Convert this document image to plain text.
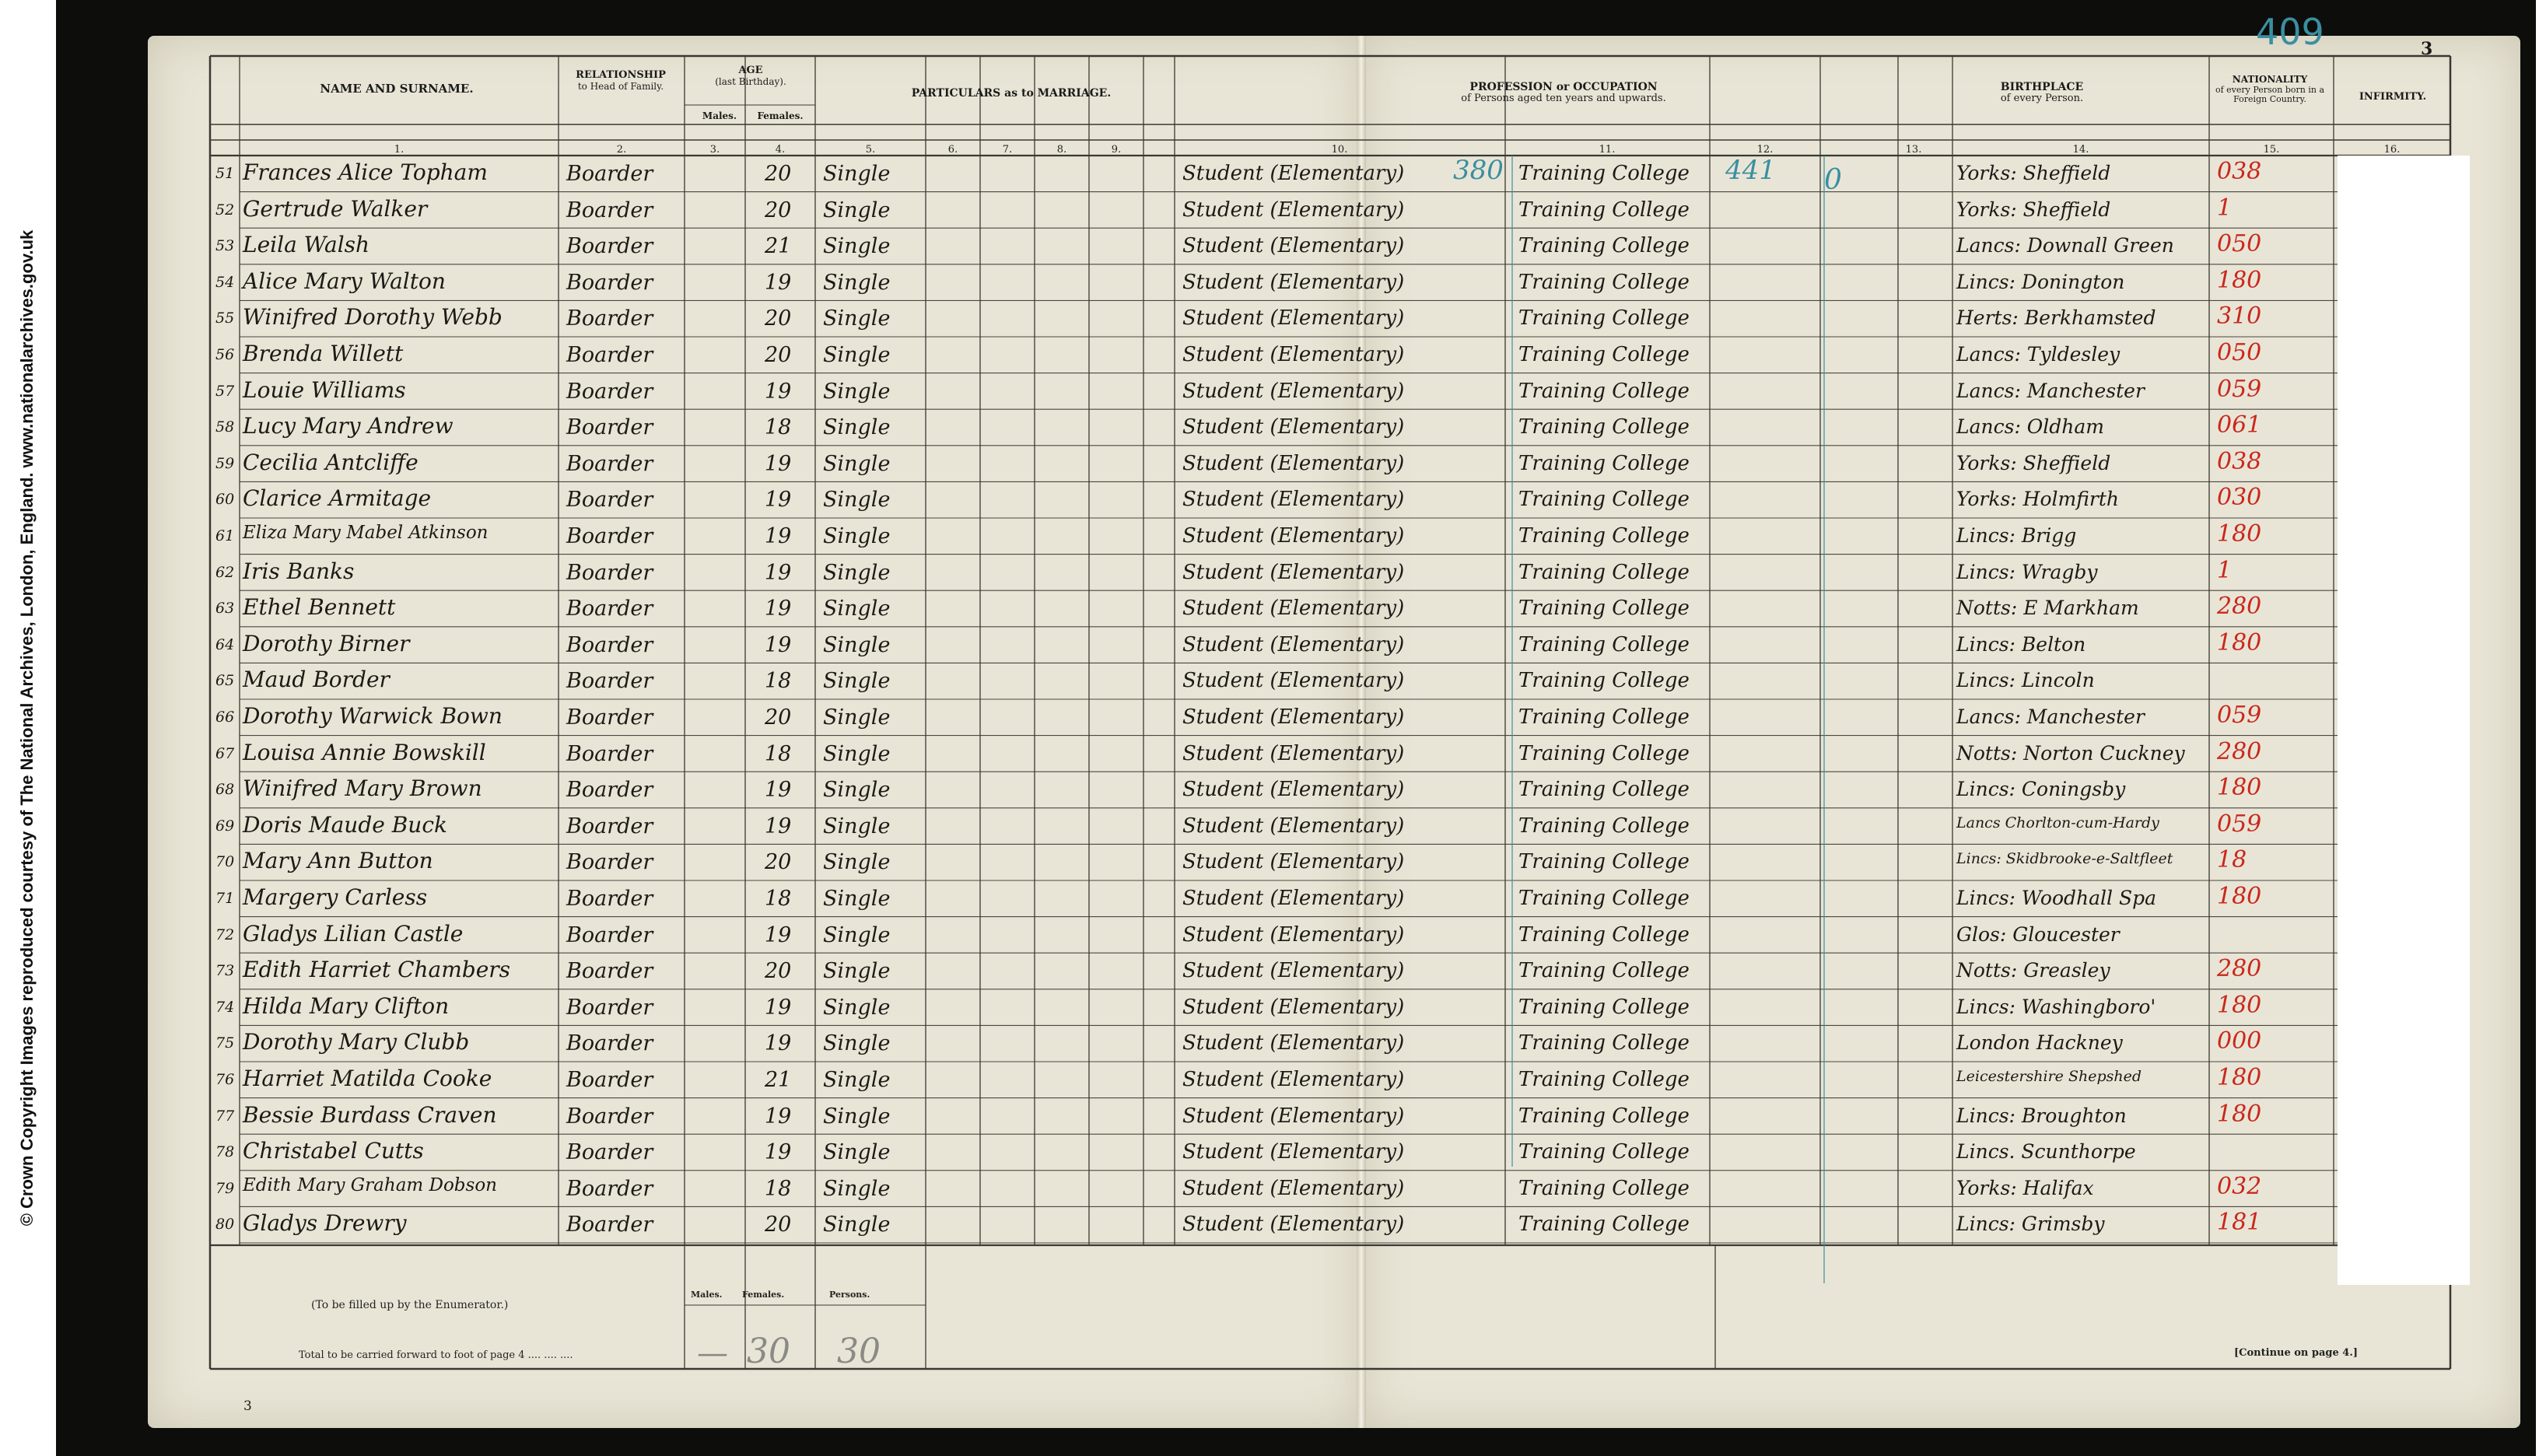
© Crown Copyright Images reproduced courtesy of The National Archives, London, England. www.nationalarchives.gov.uk
NAME AND SURNAME.
RELATIONSHIP
to Head of Family.
AGE
(last Birthday).
Males.	Females.
PARTICULARS as to MARRIAGE.	PROFESSION or OCCUPATION
of Persons aged ten years and upwards.
BIRTHPLACE
of every Person.
NATIONALITY
of every Person born in a Foreign Country.	INFIRMITY.
1.	2.	3.	4.	5.	6.	7.	8.	9.	10.	11.	12.	13.	14.	15.	16.
409	3
3
380	441 0
51 Frances Alice Topham	Boarder	20 Single	Student (Elementary)	Training College	Yorks: Sheffield	038
52 Gertrude Walker	Boarder	20 Single	Student (Elementary)	Training College	Yorks: Sheffield	1
53 Leila Walsh	Boarder	21 Single	Student (Elementary)	Training College	Lancs: Downall Green 050
54 Alice Mary Walton	Boarder	19 Single	Student (Elementary)	Training College	Lincs: Donington	180
55 Winifred Dorothy Webb	Boarder	20 Single	Student (Elementary)	Training College	Herts: Berkhamsted	310
56 Brenda Willett	Boarder	20 Single	Student (Elementary)	Training College	Lancs: Tyldesley	050
57 Louie Williams	Boarder	19 Single	Student (Elementary)	Training College	Lancs: Manchester	059
58 Lucy Mary Andrew	Boarder	18 Single	Student (Elementary)	Training College	Lancs: Oldham	061
59 Cecilia Antcliffe	Boarder	19 Single	Student (Elementary)	Training College	Yorks: Sheffield	038
60 Clarice Armitage	Boarder	19 Single	Student (Elementary)	Training College	Yorks: Holmfirth	030
61 Eliza Mary Mabel Atkinson	Boarder	19 Single	Student (Elementary)	Training College	Lincs: Brigg	180
62 Iris Banks	Boarder	19 Single	Student (Elementary)	Training College	Lincs: Wragby	1
63 Ethel Bennett	Boarder	19 Single	Student (Elementary)	Training College	Notts: E Markham	280
64 Dorothy Birner	Boarder	19 Single	Student (Elementary)	Training College	Lincs: Belton	180
65 Maud Border	Boarder	18 Single	Student (Elementary)	Training College	Lincs: Lincoln
66 Dorothy Warwick Bown	Boarder	20 Single	Student (Elementary)	Training College	Lancs: Manchester	059
67 Louisa Annie Bowskill	Boarder	18 Single	Student (Elementary)	Training College	Notts: Norton Cuckney 280
68 Winifred Mary Brown	Boarder	19 Single	Student (Elementary)	Training College	Lincs: Coningsby	180
69 Doris Maude Buck	Boarder	19 Single	Student (Elementary)	Training College	Lancs Chorlton-cum-Hardy 059
70 Mary Ann Button	Boarder	20 Single	Student (Elementary)	Training College	Lincs: Skidbrooke-e-Saltfleet 18
71 Margery Carless	Boarder	18 Single	Student (Elementary)	Training College	Lincs: Woodhall Spa	180
72 Gladys Lilian Castle	Boarder	19 Single	Student (Elementary)	Training College	Glos: Gloucester
73 Edith Harriet Chambers	Boarder	20 Single	Student (Elementary)	Training College	Notts: Greasley	280
74 Hilda Mary Clifton	Boarder	19 Single	Student (Elementary)	Training College	Lincs: Washingboro'	180
75 Dorothy Mary Clubb	Boarder	19 Single	Student (Elementary)	Training College	London Hackney	000
76 Harriet Matilda Cooke	Boarder	21 Single	Student (Elementary)	Training College	Leicestershire Shepshed	180
77 Bessie Burdass Craven	Boarder	19 Single	Student (Elementary)	Training College	Lincs: Broughton	180
78 Christabel Cutts	Boarder	19 Single	Student (Elementary)	Training College	Lincs. Scunthorpe
79 Edith Mary Graham Dobson	Boarder	18 Single	Student (Elementary)	Training College	Yorks: Halifax	032
80 Gladys Drewry	Boarder	20 Single	Student (Elementary)	Training College	Lincs: Grimsby	181
(To be filled up by the Enumerator.)
Total to be carried forward to foot of page 4 .... .... ....
Males. Females.	Persons.
— 30 30	[Continue on page 4.]
